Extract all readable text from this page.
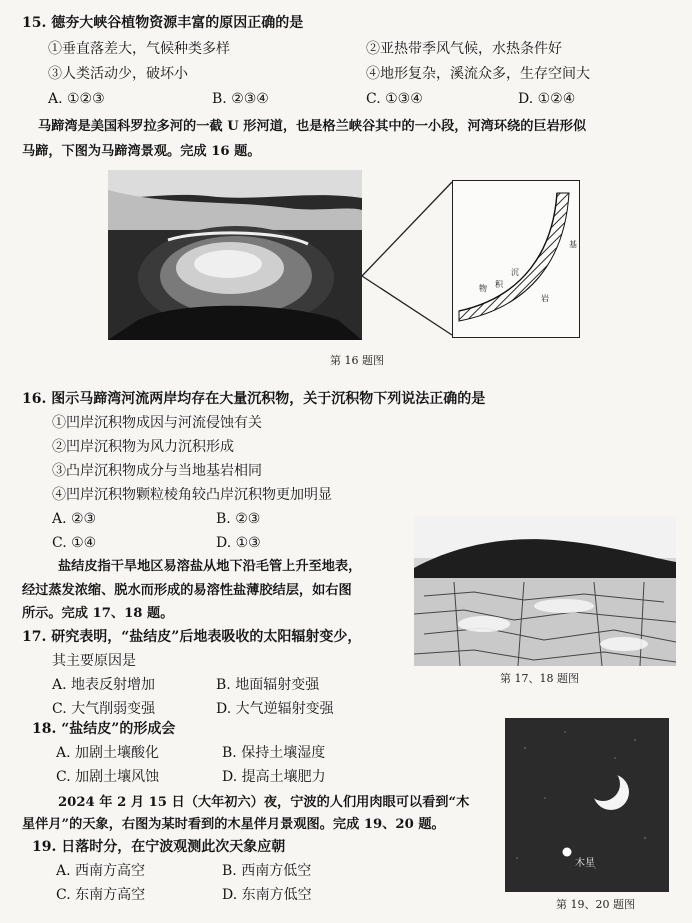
15. 德夯大峡谷植物资源丰富的原因正确的是
①垂直落差大，气候种类多样	②亚热带季风气候，水热条件好
③人类活动少，破坏小	④地形复杂，溪流众多，生存空间大
A. ①②③	B. ②③④	C. ①③④	D. ①②④
马蹄湾是美国科罗拉多河的一截 U 形河道，也是格兰峡谷其中的一小段，河湾环绕的巨岩形似
马蹄，下图为马蹄湾景观。完成 16 题。
沉
积
物
基
岩
第 16 题图
16. 图示马蹄湾河流两岸均存在大量沉积物，关于沉积物下列说法正确的是
①凹岸沉积物成因与河流侵蚀有关
②凹岸沉积物为风力沉积形成
③凸岸沉积物成分与当地基岩相同
④凹岸沉积物颗粒棱角较凸岸沉积物更加明显
A. ②③	B. ②③
C. ①④	D. ①③
第 17、18 题图
盐结皮指干旱地区易溶盐从地下沿毛管上升至地表，
经过蒸发浓缩、脱水而形成的易溶性盐薄胶结层，如右图
所示。完成 17、18 题。
17. 研究表明，“盐结皮”后地表吸收的太阳辐射变少，
其主要原因是
A. 地表反射增加	B. 地面辐射变强
C. 大气削弱变强	D. 大气逆辐射变强
18. “盐结皮”的形成会
A. 加剧土壤酸化	B. 保持土壤湿度
C. 加剧土壤风蚀	D. 提高土壤肥力
木星
第 19、20 题图
2024 年 2 月 15 日（大年初六）夜，宁波的人们用肉眼可以看到“木
星伴月”的天象，右图为某时看到的木星伴月景观图。完成 19、20 题。
19. 日落时分，在宁波观测此次天象应朝
A. 西南方高空	B. 西南方低空
C. 东南方高空	D. 东南方低空
